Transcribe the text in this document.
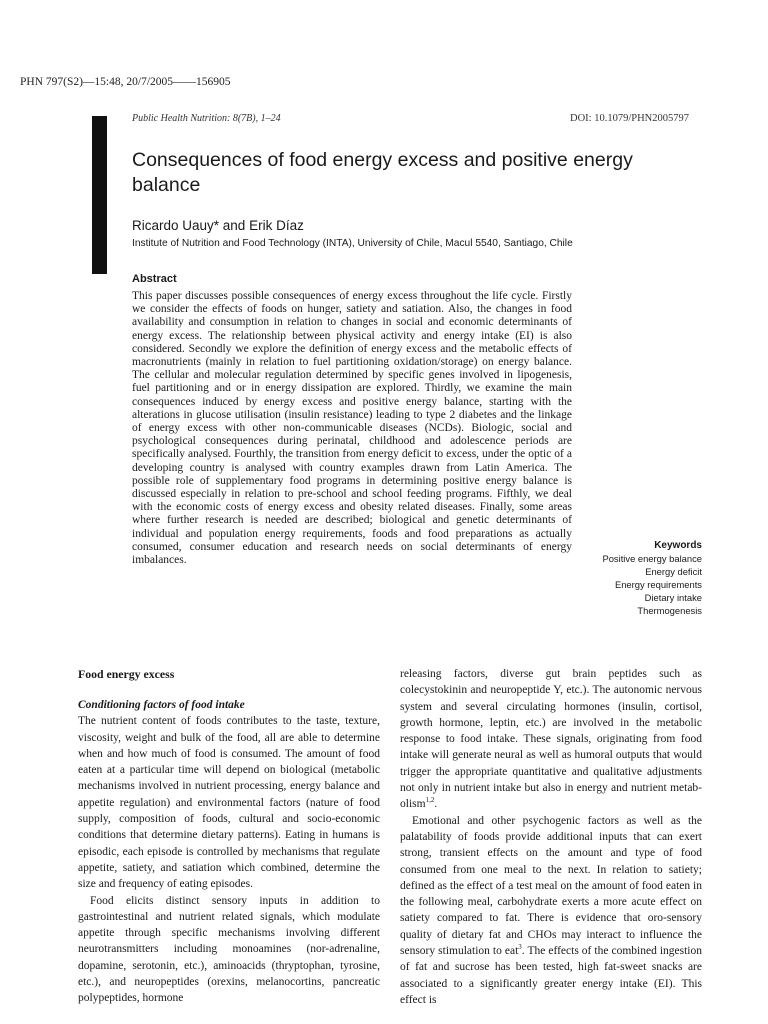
PHN 797(S2)—15:48, 20/7/2005——156905
Public Health Nutrition: 8(7B), 1–24	DOI: 10.1079/PHN2005797
Consequences of food energy excess and positive energy balance
Ricardo Uauy* and Erik Díaz
Institute of Nutrition and Food Technology (INTA), University of Chile, Macul 5540, Santiago, Chile
Abstract

This paper discusses possible consequences of energy excess throughout the life cycle. Firstly we consider the effects of foods on hunger, satiety and satiation. Also, the changes in food availability and consumption in relation to changes in social and economic determinants of energy excess. The relationship between physical activity and energy intake (EI) is also considered. Secondly we explore the definition of energy excess and the metabolic effects of macronutrients (mainly in relation to fuel partitioning oxidation/storage) on energy balance. The cellular and molecular regulation determined by specific genes involved in lipogenesis, fuel partitioning and or in energy dissipation are explored. Thirdly, we examine the main consequences induced by energy excess and positive energy balance, starting with the alterations in glucose utilisation (insulin resistance) leading to type 2 diabetes and the linkage of energy excess with other non-communicable diseases (NCDs). Biologic, social and psychological consequences during perinatal, childhood and adolescence periods are specifically analysed. Fourthly, the transition from energy deficit to excess, under the optic of a developing country is analysed with country examples drawn from Latin America. The possible role of supplementary food programs in determining positive energy balance is discussed especially in relation to pre-school and school feeding programs. Fifthly, we deal with the economic costs of energy excess and obesity related diseases. Finally, some areas where further research is needed are described; biological and genetic determinants of individual and population energy requirements, foods and food preparations as actually consumed, consumer education and research needs on social determinants of energy imbalances.

Keywords
Positive energy balance
Energy deficit
Energy requirements
Dietary intake
Thermogenesis
Food energy excess
Conditioning factors of food intake

The nutrient content of foods contributes to the taste, texture, viscosity, weight and bulk of the food, all are able to determine when and how much of food is consumed. The amount of food eaten at a particular time will depend on biological (metabolic mechanisms involved in nutrient processing, energy balance and appetite regulation) and environmental factors (nature of food supply, composition of foods, cultural and socio-economic conditions that determine dietary patterns). Eating in humans is episodic, each episode is controlled by mechanisms that regulate appetite, satiety, and satiation which combined, determine the size and frequency of eating episodes.

Food elicits distinct sensory inputs in addition to gastrointestinal and nutrient related signals, which modulate appetite through specific mechanisms involving different neurotransmitters including monoamines (nor-adrenaline, dopamine, serotonin, etc.), aminoacids (thryptophan, tyrosine, etc.), and neuropeptides (orexins, melanocortins, pancreatic polypeptides, hormone

releasing factors, diverse gut brain peptides such as colecystokinin and neuropeptide Y, etc.). The autonomic nervous system and several circulating hormones (insulin, cortisol, growth hormone, leptin, etc.) are involved in the metabolic response to food intake. These signals, originating from food intake will generate neural as well as humoral outputs that would trigger the appropriate quantitative and qualitative adjustments not only in nutrient intake but also in energy and nutrient metab-olism$^{1,2}$.

Emotional and other psychogenic factors as well as the palatability of foods provide additional inputs that can exert strong, transient effects on the amount and type of food consumed from one meal to the next. In relation to satiety; defined as the effect of a test meal on the amount of food eaten in the following meal, carbohydrate exerts a more acute effect on satiety compared to fat. There is evidence that oro-sensory quality of dietary fat and CHOs may interact to influence the sensory stimulation to eat$^3$. The effects of the combined ingestion of fat and sucrose has been tested, high fat-sweet snacks are associated to a significantly greater energy intake (EI). This effect is
